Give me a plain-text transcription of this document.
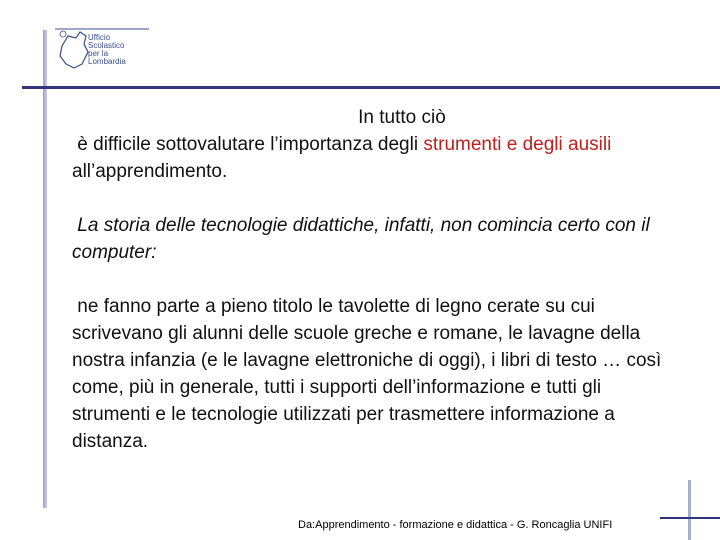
Ufficio
Scolastico
per la
Lombardia

In tutto ciò

è difficile sottovalutare l’importanza degli strumenti e degli ausili all’apprendimento.

La storia delle tecnologie didattiche, infatti, non comincia certo con il computer:

ne fanno parte a pieno titolo le tavolette di legno cerate su cui scrivevano gli alunni delle scuole greche e romane, le lavagne della nostra infanzia (e le lavagne elettroniche di oggi), i libri di testo … così come, più in generale, tutti i supporti dell’informazione e tutti gli strumenti e le tecnologie utilizzati per trasmettere informazione a distanza.

Da:Apprendimento - formazione e didattica - G. Roncaglia UNIFI
